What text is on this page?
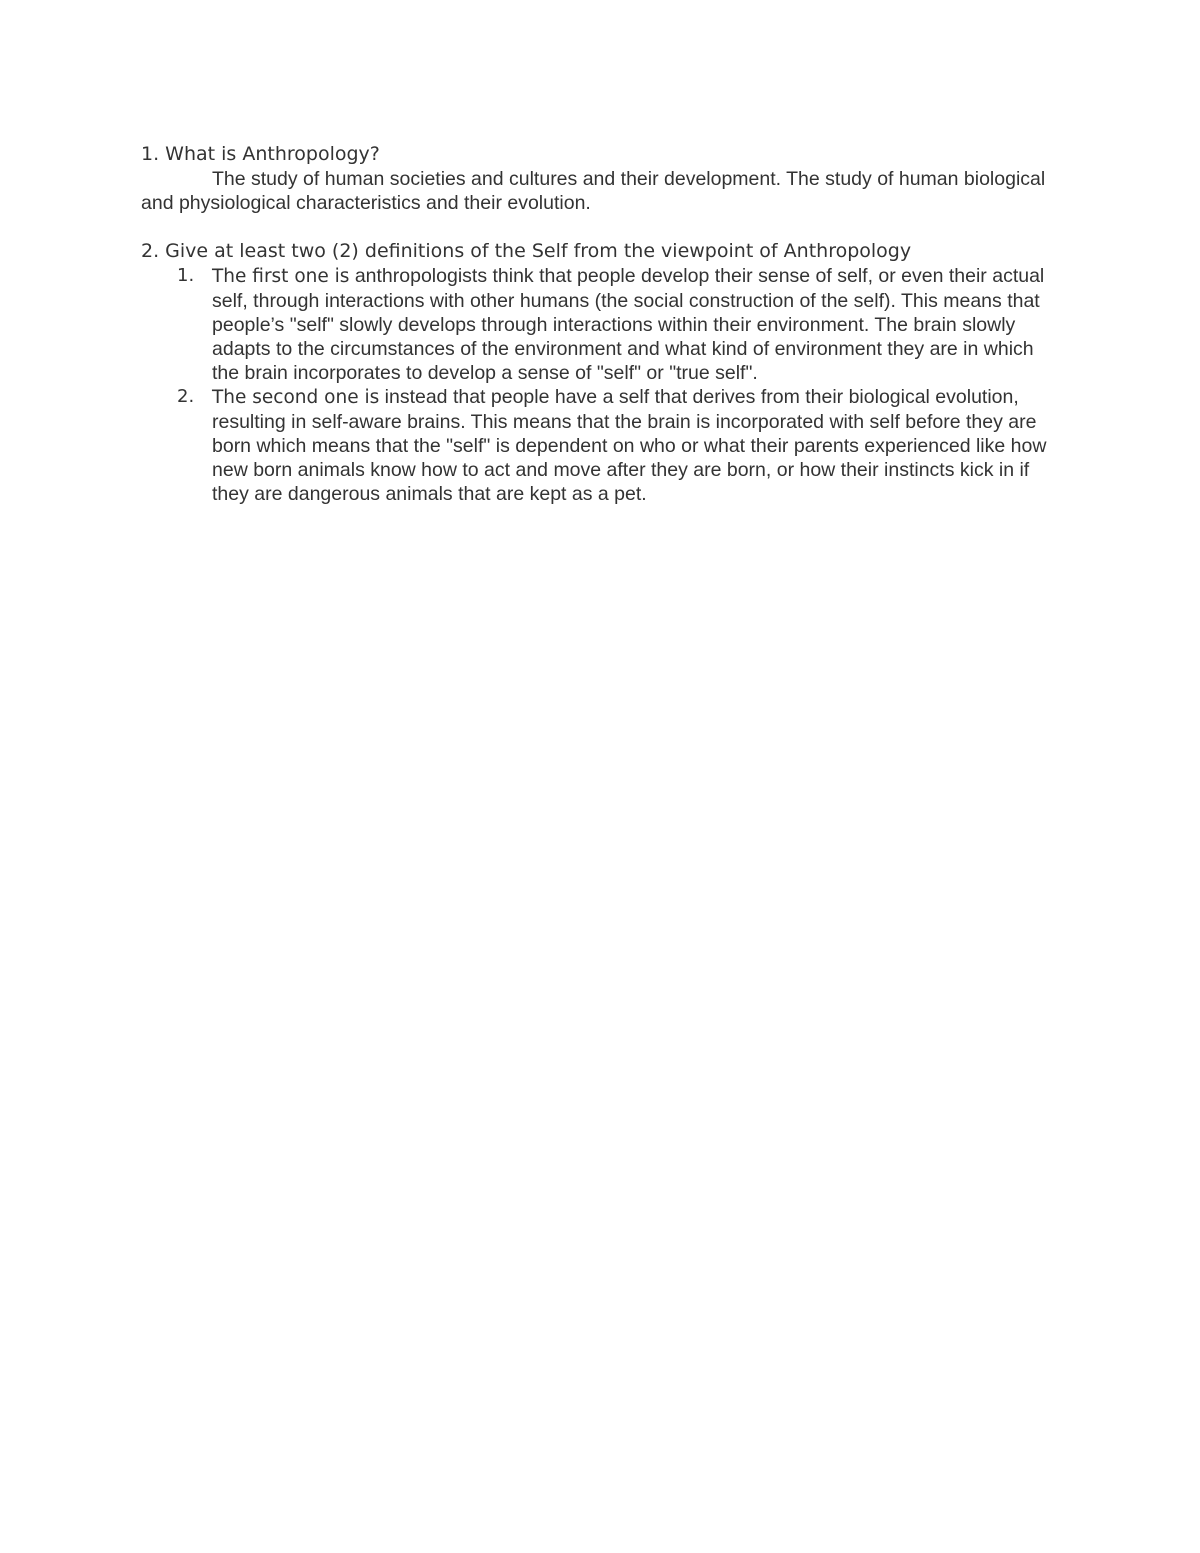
1. What is Anthropology?

The study of human societies and cultures and their development. The study of human biological and physiological characteristics and their evolution.

2. Give at least two (2) definitions of the Self from the viewpoint of Anthropology

1. The first one is anthropologists think that people develop their sense of self, or even their actual self, through interactions with other humans (the social construction of the self). This means that people’s "self" slowly develops through interactions within their environment. The brain slowly adapts to the circumstances of the environment and what kind of environment they are in which the brain incorporates to develop a sense of "self" or "true self".
2. The second one is instead that people have a self that derives from their biological evolution, resulting in self-aware brains. This means that the brain is incorporated with self before they are born which means that the "self" is dependent on who or what their parents experienced like how new born animals know how to act and move after they are born, or how their instincts kick in if they are dangerous animals that are kept as a pet.
